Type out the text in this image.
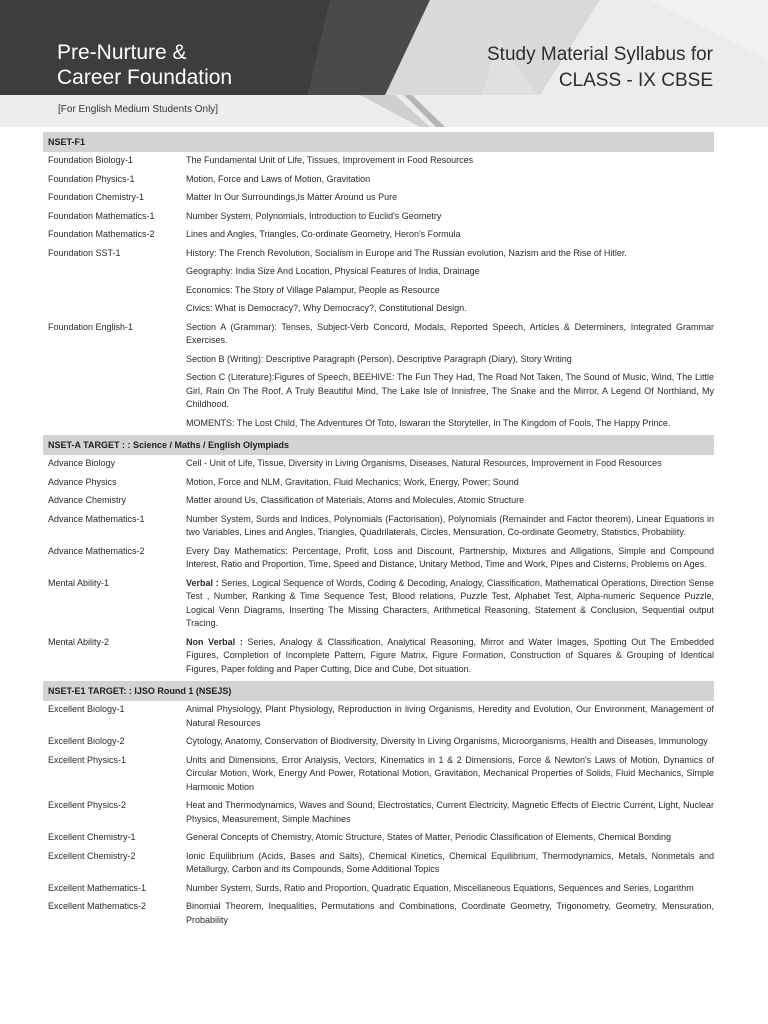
Pre-Nurture &
Career Foundation
Study Material Syllabus for
CLASS - IX CBSE
[For English Medium Students Only]
NSET-F1
Foundation Biology-1	The Fundamental Unit of Life, Tissues, Improvement in Food Resources
Foundation Physics-1	Motion, Force and Laws of Motion, Gravitation
Foundation Chemistry-1	Matter In Our Surroundings,Is Matter Around us Pure
Foundation Mathematics-1	Number System, Polynomials, Introduction to Euclid's Geometry
Foundation Mathematics-2	Lines and Angles, Triangles, Co-ordinate Geometry, Heron's Formula
Foundation SST-1	History: The French Revolution, Socialism in Europe and The Russian evolution, Nazism and the Rise of Hitler.
Geography: India Size And Location, Physical Features of India, Drainage
Economics: The Story of Village Palampur, People as Resource
Civics: What is Democracy?, Why Democracy?, Constitutional Design.
Foundation English-1	Section A (Grammar): Tenses, Subject-Verb Concord, Modals, Reported Speech, Articles & Determiners, Integrated Grammar Exercises.
Section B (Writing): Descriptive Paragraph (Person), Descriptive Paragraph (Diary), Story Writing
Section C (Literature):Figures of Speech, BEEHIVE: The Fun They Had, The Road Not Taken, The Sound of Music, Wind, The Little Girl, Rain On The Roof, A Truly Beautiful Mind, The Lake Isle of Innisfree, The Snake and the Mirror, A Legend Of Northland, My Childhood.
MOMENTS: The Lost Child, The Adventures Of Toto, Iswaran the Storyteller, In The Kingdom of Fools, The Happy Prince.
NSET-A TARGET : : Science / Maths / English Olympiads
Advance Biology	Cell - Unit of Life, Tissue, Diversity in Living Organisms, Diseases, Natural Resources, Improvement in Food Resources
Advance Physics	Motion, Force and NLM, Gravitation, Fluid Mechanics; Work, Energy, Power; Sound
Advance Chemistry	Matter around Us, Classification of Materials, Atoms and Molecules, Atomic Structure
Advance Mathematics-1	Number System, Surds and Indices, Polynomials (Factorisation), Polynomials (Remainder and Factor theorem), Linear Equations in two Variables, Lines and Angles, Triangles, Quadrilaterals, Circles, Mensuration, Co-ordinate Geometry, Statistics, Probability.
Advance Mathematics-2	Every Day Mathematics: Percentage, Profit, Loss and Discount, Partnership, Mixtures and Alligations, Simple and Compound Interest, Ratio and Proportion, Time, Speed and Distance, Unitary Method, Time and Work, Pipes and Cisterns, Problems on Ages.
Mental Ability-1	Verbal : Series, Logical Sequence of Words, Coding & Decoding, Analogy, Classification, Mathematical Operations, Direction Sense Test , Number, Ranking & Time Sequence Test, Blood relations, Puzzle Test, Alphabet Test, Alpha-numeric Sequence Puzzle, Logical Venn Diagrams, Inserting The Missing Characters, Arithmetical Reasoning, Statement & Conclusion, Sequential output Tracing.
Mental Ability-2	Non Verbal : Series, Analogy & Classification, Analytical Reasoning, Mirror and Water Images, Spotting Out The Embedded Figures, Completion of Incomplete Pattern, Figure Matrix, Figure Formation, Construction of Squares & Grouping of Identical Figures, Paper folding and Paper Cutting, Dice and Cube, Dot situation.
NSET-E1 TARGET: : IJSO Round 1 (NSEJS)
Excellent Biology-1	Animal Physiology, Plant Physiology, Reproduction in living Organisms, Heredity and Evolution, Our Environment, Management of Natural Resources
Excellent Biology-2	Cytology, Anatomy, Conservation of Biodiversity, Diversity In Living Organisms, Microorganisms, Health and Diseases, Immunology
Excellent Physics-1	Units and Dimensions, Error Analysis, Vectors, Kinematics in 1 & 2 Dimensions, Force & Newton's Laws of Motion, Dynamics of Circular Motion, Work, Energy And Power, Rotational Motion, Gravitation, Mechanical Properties of Solids, Fluid Mechanics, Simple Harmonic Motion
Excellent Physics-2	Heat and Thermodynamics, Waves and Sound, Electrostatics, Current Electricity, Magnetic Effects of Electric Current, Light, Nuclear Physics, Measurement, Simple Machines
Excellent Chemistry-1	General Concepts of Chemistry, Atomic Structure, States of Matter, Periodic Classification of Elements, Chemical Bonding
Excellent Chemistry-2	Ionic Equilibrium (Acids, Bases and Salts), Chemical Kinetics, Chemical Equilibrium, Thermodynamics, Metals, Nonmetals and Metallurgy, Carbon and its Compounds, Some Additional Topics
Excellent Mathematics-1	Number System, Surds, Ratio and Proportion, Quadratic Equation, Miscellaneous Equations, Sequences and Series, Logarithm
Excellent Mathematics-2	Binomial Theorem, Inequalities, Permutations and Combinations, Coordinate Geometry, Trigonometry, Geometry, Mensuration, Probability
